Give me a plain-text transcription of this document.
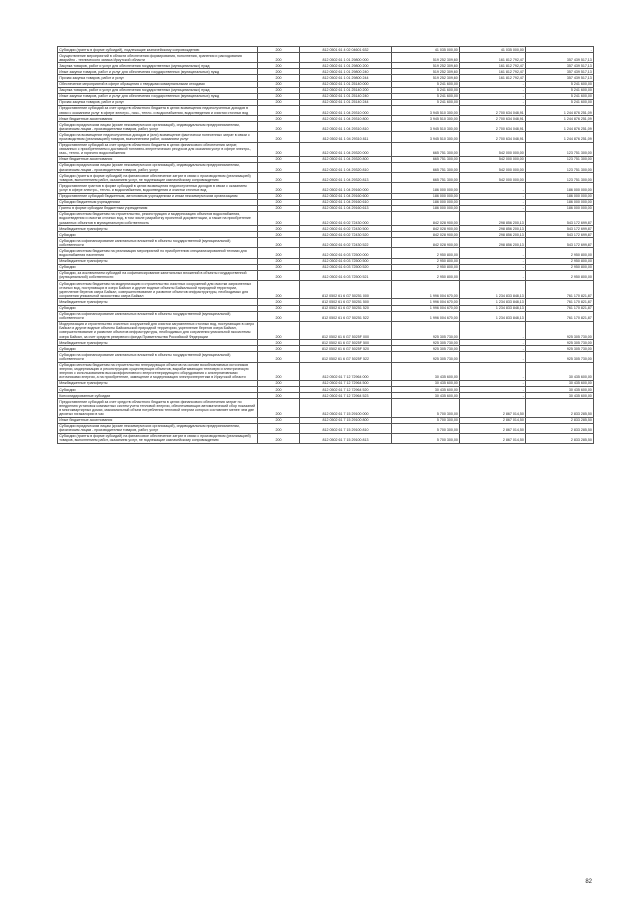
Субсидии (гранты в форме субсидий), подлежащие казначейскому сопровождению	200	812 0501 61 4 02 04601 632	41 035 000,00	41 035 000,00	-
Осуществление мероприятий в области обеспечения формирования, пополнения, хранения и расходования аварийно - технического запаса Иркутской области	200	812 0502 61 1 01 29800 000	519 252 309,60	161 812 792,47	357 439 517,13
Закупка товаров, работ и услуг для обеспечения государственных (муниципальных) нужд	200	812 0502 61 1 01 29800 200	519 252 309,60	161 812 792,47	357 439 517,13
Иные закупки товаров, работ и услуг для обеспечения государственных (муниципальных) нужд	200	812 0502 61 1 01 29800 240	519 252 309,60	161 812 792,47	357 439 517,13
Прочая закупка товаров, работ и услуг	200	812 0502 61 1 01 29800 244	519 252 309,60	161 812 792,47	357 439 517,13
Обеспечение мероприятий в сфере обращения с твердыми коммунальными отходами	200	812 0502 61 1 01 25140 000	5 241 600,00	-	5 241 600,00
Закупка товаров, работ и услуг для обеспечения государственных (муниципальных) нужд	200	812 0502 61 1 01 25140 200	5 241 600,00	-	5 241 600,00
Иные закупки товаров, работ и услуг для обеспечения государственных (муниципальных) нужд	200	812 0502 61 1 01 25140 240	5 241 600,00	-	5 241 600,00
Прочая закупка товаров, работ и услуг	200	812 0502 61 1 01 25140 244	5 241 600,00	-	5 241 600,00
Предоставление субсидий за счет средств областного бюджета в целях возмещения недополученных доходов в связи с оказанием услуг в сфере электро-, газо-, тепло- и водоснабжения, водоотведения и очистки сточных вод	200	812 0502 61 1 04 29310 000	3 945 510 300,00	2 700 634 048,91	1 244 876 251,09
Иные бюджетные ассигнования	200	812 0502 61 1 04 29310 800	3 945 510 300,00	2 700 634 048,91	1 244 876 251,09
Субсидии юридическим лицам (кроме некоммерческих организаций), индивидуальным предпринимателям, физическим лицам - производителям товаров, работ, услуг	200	812 0502 61 1 04 29310 810	3 945 510 300,00	2 700 634 048,91	1 244 876 251,09
Субсидии на возмещение недополученных доходов и (или) возмещение фактически понесенных затрат в связи с производством (реализацией) товаров, выполнением работ, оказанием услуг	200	812 0502 61 1 04 29310 811	3 945 510 300,00	2 700 634 048,91	1 244 876 251,09
Предоставление субсидий за счет средств областного бюджета в целях финансового обеспечения затрат, связанных с приобретением и доставкой топливно-энергетических ресурсов для оказания услуг в сфере электро-, газо-, тепло- и горячего водоснабжения	200	812 0502 61 1 04 29320 000	665 751 300,00	542 000 000,00	123 751 300,00
Иные бюджетные ассигнования	200	812 0502 61 1 04 29320 800	665 751 300,00	542 000 000,00	123 751 300,00
Субсидии юридическим лицам (кроме некоммерческих организаций), индивидуальным предпринимателям, физическим лицам - производителям товаров, работ, услуг	200	812 0502 61 1 04 29320 810	665 751 300,00	542 000 000,00	123 751 300,00
Субсидии (гранты в форме субсидий) на финансовое обеспечение затрат в связи с производством (реализацией) товаров, выполнением работ, оказанием услуг, не подлежащие казначейскому сопровождению	200	812 0502 61 1 04 29320 813	665 751 300,00	542 000 000,00	123 751 300,00
Предоставление грантов в форме субсидий в целях возмещения недополученных доходов в связи с оказанием услуг в сфере электро-, тепло- и водоснабжения, водоотведения и очистки сточных вод	200	812 0502 61 1 04 29160 000	186 000 000,00	-	186 000 000,00
Предоставление субсидий бюджетным, автономным учреждениям и иным некоммерческим организациям	200	812 0502 61 1 04 29160 600	186 000 000,00	-	186 000 000,00
Субсидии бюджетным учреждениям	200	812 0502 61 1 04 29160 610	186 000 000,00	-	186 000 000,00
Гранты в форме субсидии бюджетным учреждениям	200	812 0502 61 1 04 29160 613	186 000 000,00	-	186 000 000,00
Субсидии местным бюджетам на строительство, реконструкцию и модернизацию объектов водоснабжения, водоотведения и очистки сточных вод, в том числе разработку проектной документации, а также на приобретение указанных объектов в муниципальную собственность	200	812 0502 61 6 02 72430 000	842 028 900,00	298 856 200,13	543 172 699,87
Межбюджетные трансферты	200	812 0502 61 6 02 72430 500	842 028 900,00	298 856 200,13	543 172 699,87
Субсидии	200	812 0502 61 6 02 72430 520	842 028 900,00	298 856 200,13	543 172 699,87
Субсидии на софинансирование капитальных вложений в объекты государственной (муниципальной) собственности	200	812 0502 61 6 02 72430 522	842 028 900,00	298 856 200,13	543 172 699,87
Субсидии местным бюджетам на реализацию мероприятий по приобретению специализированной техники для водоснабжения населения	200	812 0502 61 6 03 72500 000	2 950 800,00	-	2 950 800,00
Межбюджетные трансферты	200	812 0502 61 6 03 72500 500	2 950 800,00	-	2 950 800,00
Субсидии	200	812 0502 61 6 03 72500 520	2 950 800,00	-	2 950 800,00
Субсидии, за исключением субсидий на софинансирование капитальных вложений в объекты государственной (муниципальной) собственности	200	812 0502 61 6 03 72500 521	2 950 800,00	-	2 950 800,00
Субсидии местным бюджетам на модернизацию и строительство очистных сооружений для очистки загрязненных сточных вод, поступающих в озеро Байкал и другие водные объекты Байкальской природной территории, укрепление берегов озера Байкал, совершенствование и развитие объектов инфраструктуры, необходимых для сохранения уникальной экосистемы озера Байкал	200	812 0502 61 6 G7 50251 000	1 996 004 670,00	1 234 833 848,13	761 170 821,87
Межбюджетные трансферты	200	812 0502 61 6 G7 50251 500	1 996 004 670,00	1 234 833 848,13	761 170 821,87
Субсидии	200	812 0502 61 6 G7 50251 520	1 996 004 670,00	1 234 833 848,13	761 170 821,87
Субсидии на софинансирование капитальных вложений в объекты государственной (муниципальной) собственности	200	812 0502 61 6 G7 50251 522	1 996 004 670,00	1 234 833 848,13	761 170 821,87
Модернизация и строительство очистных сооружений для очистки загрязненных сточных вод, поступающих в озеро Байкал и другие водные объекты Байкальской природной территории, укрепление берегов озера Байкал, совершенствование и развитие объектов инфраструктуры, необходимых для сохранения уникальной экосистемы озера Байкал, за счет средств резервного фонда Правительства Российской Федерации	200	812 0502 61 6 G7 5025F 000	925 305 730,00	-	925 305 730,00
Межбюджетные трансферты	200	812 0502 61 6 G7 5025F 500	925 305 730,00	-	925 305 730,00
Субсидии	200	812 0502 61 6 G7 5025F 520	925 305 730,00	-	925 305 730,00
Субсидии на софинансирование капитальных вложений в объекты государственной (муниципальной) собственности	200	812 0502 61 6 G7 5025F 522	925 305 730,00	-	925 305 730,00
Субсидии местным бюджетам на строительство генерирующих объектов на основе возобновляемых источников энергии, модернизацию и реконструкцию существующих объектов, вырабатывающих тепловую и электрическую энергию с использованием высокоэффективного энергогенерирующего оборудования с альтернативными источниками энергии, а на приобретение, замещение и модернизацию электроэнергетики в Иркутской области	200	812 0502 61 7 12 72964 000	30 435 600,00	-	30 435 600,00
Межбюджетные трансферты	200	812 0502 61 7 12 72964 500	30 435 600,00	-	30 435 600,00
Субсидии	200	812 0502 61 7 12 72964 520	30 435 600,00	-	30 435 600,00
Консолидированные субсидии	200	812 0502 61 7 12 72964 523	30 435 600,00	-	30 435 600,00
Предоставление субсидий за счет средств областного бюджета в целях финансового обеспечения затрат по внедрению установок компактных систем учета тепловой энергии, обеспечивающих автоматический сбор показаний в многоквартирных домах, максимальный объем потребления тепловой энергии которых составляет менее чем две десятых гигакалории в час	200	812 0502 61 7 15 29100 000	5 700 300,00	2 867 014,50	2 833 285,50
Иные бюджетные ассигнования	200	812 0502 61 7 15 29100 800	5 700 300,00	2 867 014,50	2 833 285,50
Субсидии юридическим лицам (кроме некоммерческих организаций), индивидуальным предпринимателям, физическим лицам - производителям товаров, работ, услуг	200	812 0502 61 7 15 29100 810	5 700 300,00	2 867 014,50	2 833 285,50
Субсидии (гранты в форме субсидий) на финансовое обеспечение затрат в связи с производством (реализацией) товаров, выполнением работ, оказанием услуг, не подлежащие казначейскому сопровождению	200	812 0502 61 7 15 29100 813	5 700 300,00	2 867 014,50	2 833 285,50
82
